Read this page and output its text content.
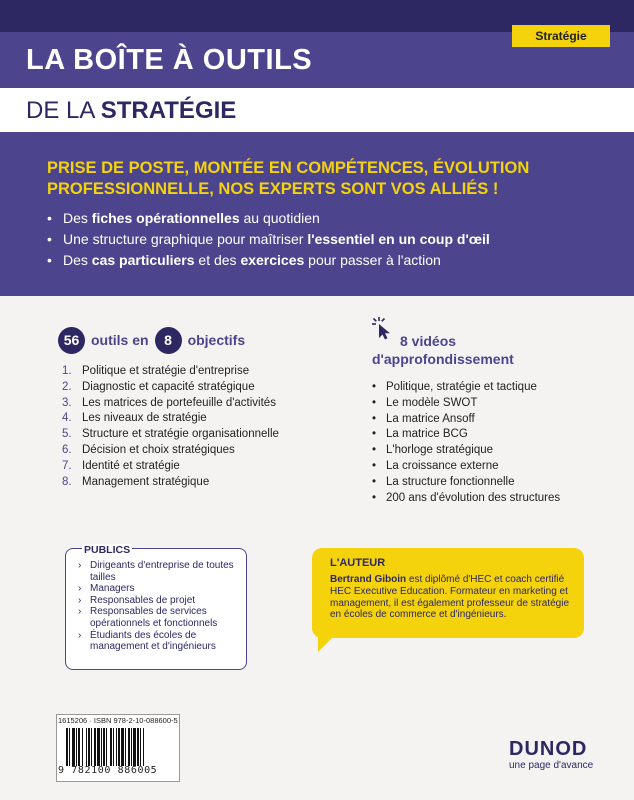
Stratégie
LA BOÎTE À OUTILS
DE LA STRATÉGIE
PRISE DE POSTE, MONTÉE EN COMPÉTENCES, ÉVOLUTION PROFESSIONNELLE, NOS EXPERTS SONT VOS ALLIÉS !
• Des fiches opérationnelles au quotidien
• Une structure graphique pour maîtriser l'essentiel en un coup d'œil
• Des cas particuliers et des exercices pour passer à l'action
56 outils en	8	objectifs
1. Politique et stratégie d'entreprise
2. Diagnostic et capacité stratégique
3. Les matrices de portefeuille d'activités
4. Les niveaux de stratégie
5. Structure et stratégie organisationnelle
6. Décision et choix stratégiques
7. Identité et stratégie
8. Management stratégique
8 vidéos
d'approfondissement
• Politique, stratégie et tactique
• Le modèle SWOT
• La matrice Ansoff
• La matrice BCG
• L'horloge stratégique
• La croissance externe
• La structure fonctionnelle
• 200 ans d'évolution des structures
PUBLICS
› Dirigeants d'entreprise de toutes tailles
› Managers
› Responsables de projet
› Responsables de services opérationnels et fonctionnels
› Étudiants des écoles de management et d'ingénieurs
L'AUTEUR
Bertrand Giboin est diplômé d'HEC et coach certifié HEC Executive Education. Formateur en marketing et management, il est également professeur de stratégie en écoles de commerce et d'ingénieurs.
1615206 · ISBN 978-2-10-088600-5
9 782100 886005
DUNOD
une page d'avance
